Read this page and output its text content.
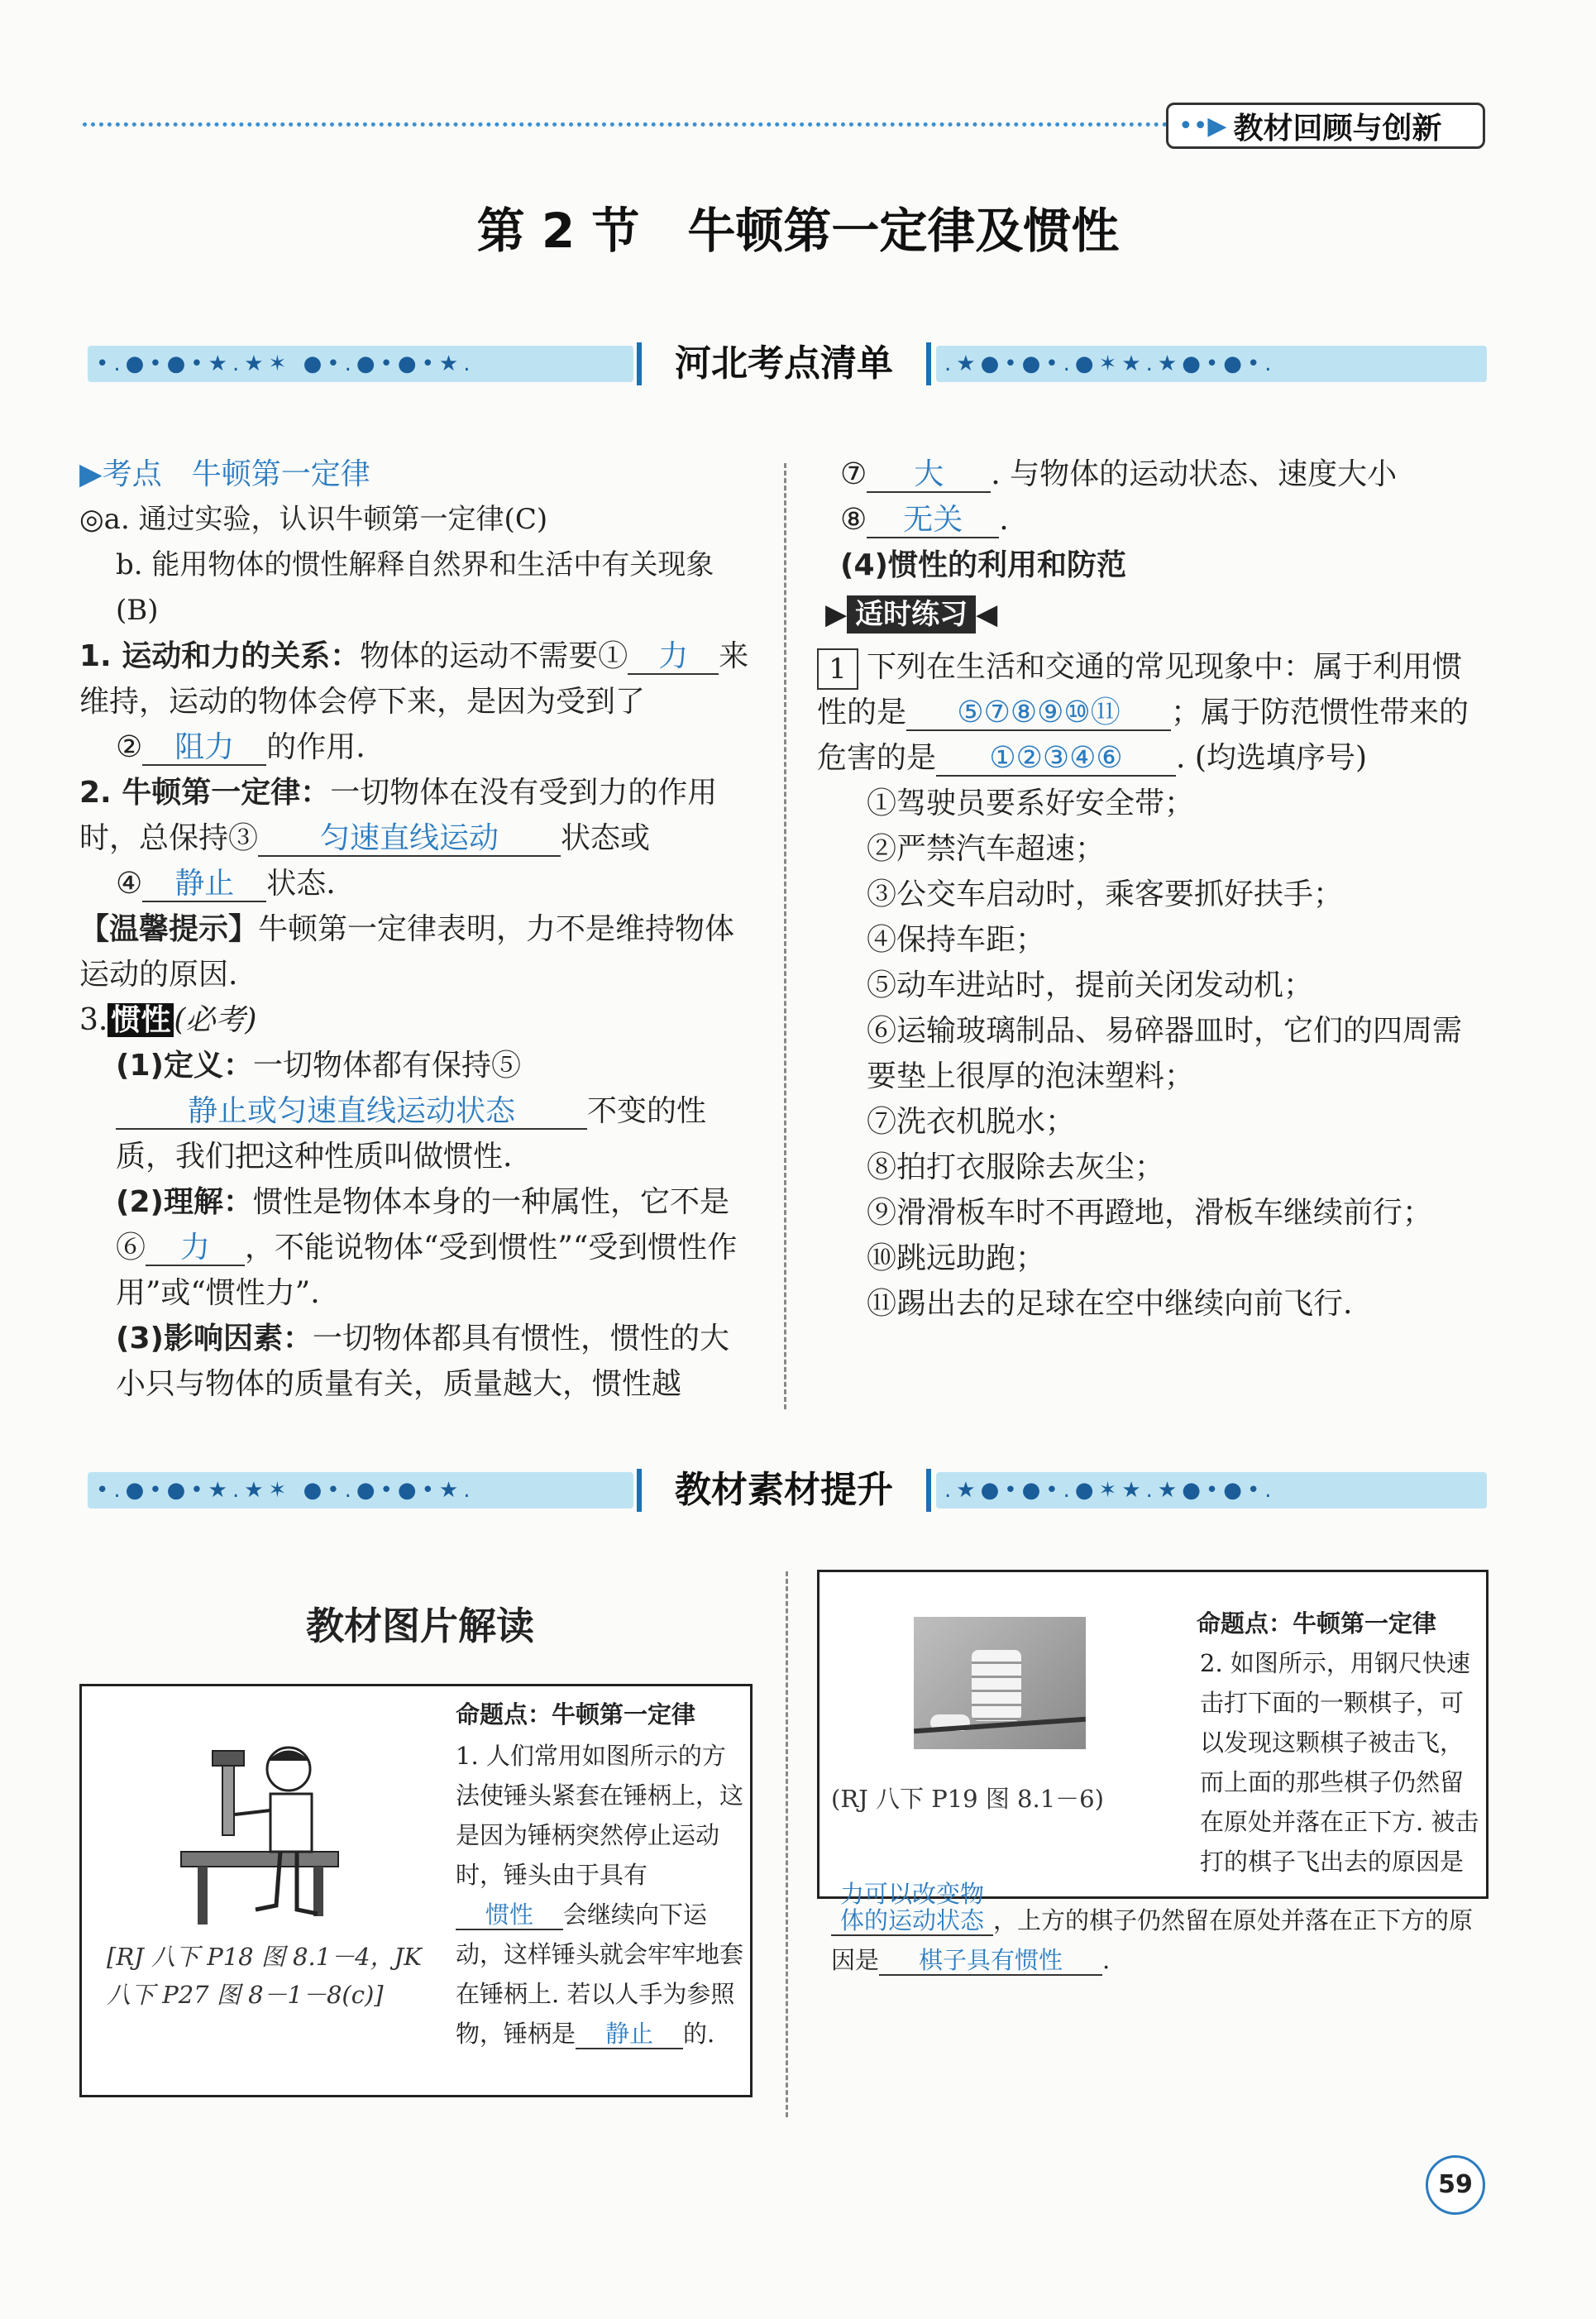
••▶ 教材回顾与创新
第 2 节　牛顿第一定律及惯性
•.●•●•★.★✶ ●•.●•●•★.	河北考点清单	.★●•●•.●✶★.★●•●•.

▶考点　 牛顿第一定律

◎a. 通过实验，认识牛顿第一定律(C)

b. 能用物体的惯性解释自然界和生活中有关现象(B)

1. 运动和力的关系：物体的运动不需要① 力 来维持，运动的物体会停下来，是因为受到了

② 阻力 的作用.

2. 牛顿第一定律：一切物体在没有受到力的作用时，总保持③ 匀速直线运动 状态或

④ 静止 状态.

【温馨提示】牛顿第一定律表明，力不是维持物体运动的原因.

3. 惯性 (必考)

(1)定义：一切物体都有保持⑤静止或匀速直线运动状态 不变的性质，我们把这种性质叫做惯性.

(2)理解：惯性是物体本身的一种属性，它不是⑥ 力 ，不能说物体“受到惯性”“受到惯性作用”或“惯性力”.

(3)影响因素：一切物体都具有惯性，惯性的大小只与物体的质量有关，质量越大，惯性越

⑦ 大 . 与物体的运动状态、速度大小

⑧ 无关 .

(4)惯性的利用和防范

▶ 适时练习 ◀

1 下列在生活和交通的常见现象中：属于利用惯性的是 ⑤⑦⑧⑨⑩⑪ ；属于防范惯性带来的危害的是 ①②③④⑥ . (均选填序号)

①驾驶员要系好安全带；

②严禁汽车超速；

③公交车启动时，乘客要抓好扶手；

④保持车距；

⑤动车进站时，提前关闭发动机；

⑥运输玻璃制品、易碎器皿时，它们的四周需要垫上很厚的泡沫塑料；

⑦洗衣机脱水；

⑧拍打衣服除去灰尘；

⑨滑滑板车时不再蹬地，滑板车继续前行；

⑩跳远助跑；

⑪踢出去的足球在空中继续向前飞行.

•.●•●•★.★✶ ●•.●•●•★.	教材素材提升	.★●•●•.●✶★.★●•●•.
教材图片解读
[RJ 八下 P18 图 8.1－4，JK 八下 P27 图 8－1－8(c)]
命题点：牛顿第一定律
1. 人们常用如图所示的方法使锤头紧套在锤柄上，这是因为锤柄突然停止运动时，锤头由于具有惯性 会继续向下运动，这样锤头就会牢牢地套在锤柄上. 若以人手为参照物，锤柄是 静止 的.
(RJ 八下 P19 图 8.1－6)
命题点：牛顿第一定律
2. 如图所示，用钢尺快速击打下面的一颗棋子，可以发现这颗棋子被击飞，而上面的那些棋子仍然留在原处并落在正下方. 被击打的棋子飞出去的原因是力可以改变物体的运动状态 ，上方的棋子仍然留在原处并落在正下方的原因是 棋子具有惯性 .
59
